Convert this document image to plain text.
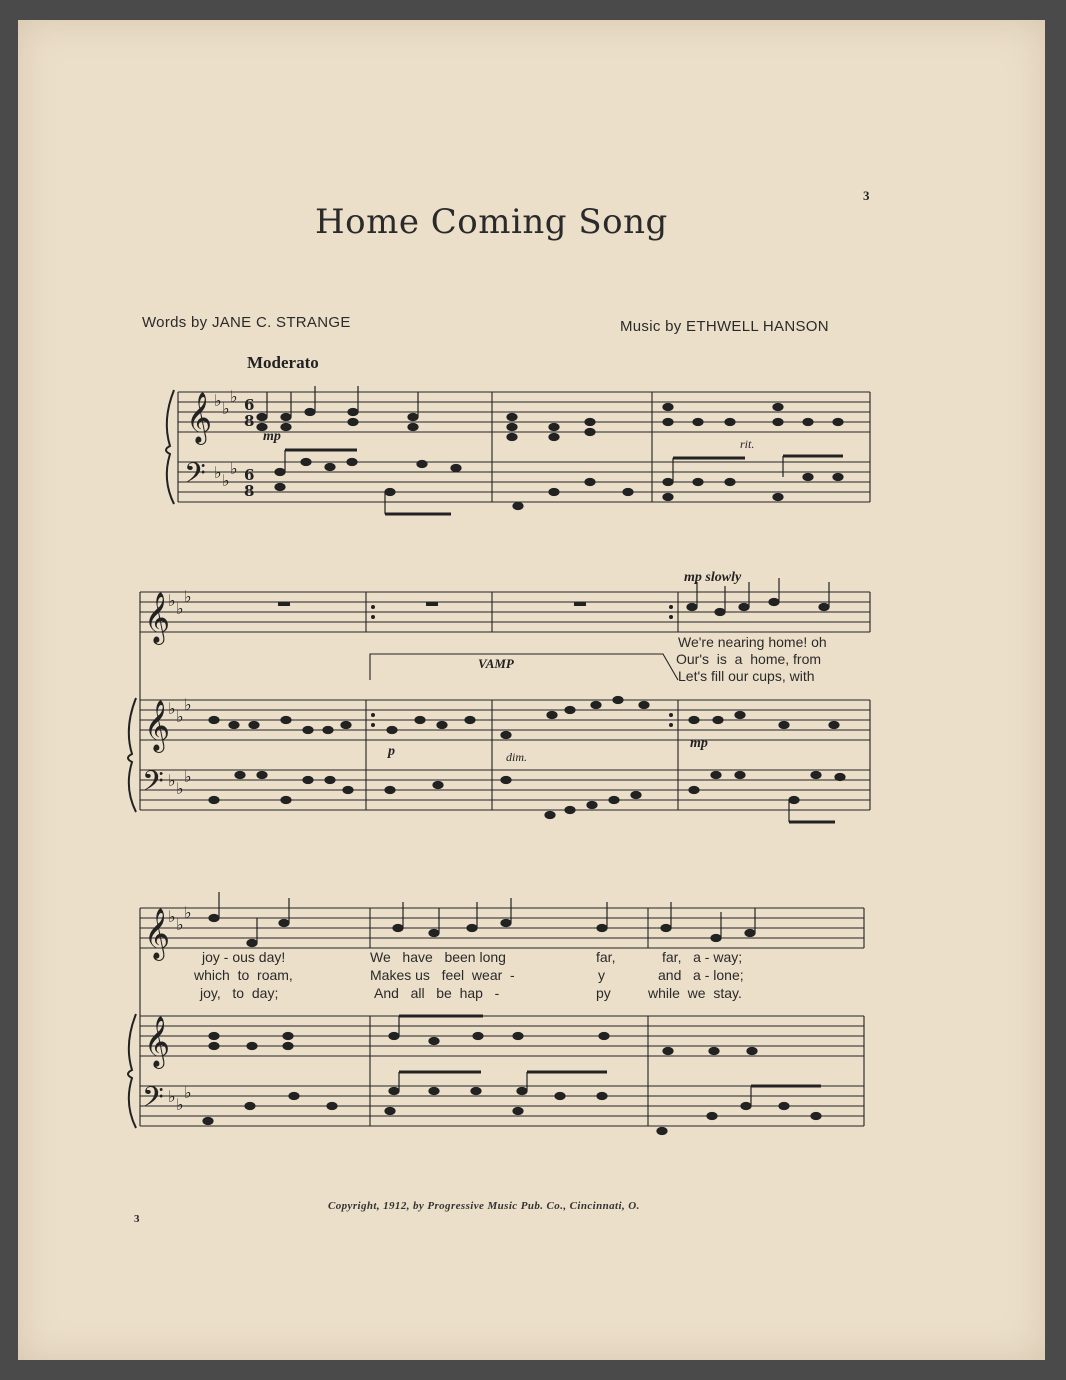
3
Home Coming Song
Words by JANE C. STRANGE	Music by ETHWELL HANSON
Moderato
𝄞
𝄢
♭ ♭
♭
♭ ♭
♭
6
8
6
8
𝄞
♭ ♭
♭
𝄞
♭ ♭
♭
𝄢 ♭ ♭
♭
𝄞
♭ ♭
♭
𝄞
𝄢 ♭ ♭
♭
mp	rit.
mp slowly
VAMP
p	dim.
mp
We're nearing home! oh
Our's  is  a  home, from
Let's fill our cups, with
joy - ous day!	We   have   been long	far,	far,   a - way;
which  to  roam,	Makes us   feel  wear  -	y	and   a - lone;
joy,   to  day;	And   all   be  hap   -	py	while  we  stay.
Copyright, 1912, by Progressive Music Pub. Co., Cincinnati, O.
3
